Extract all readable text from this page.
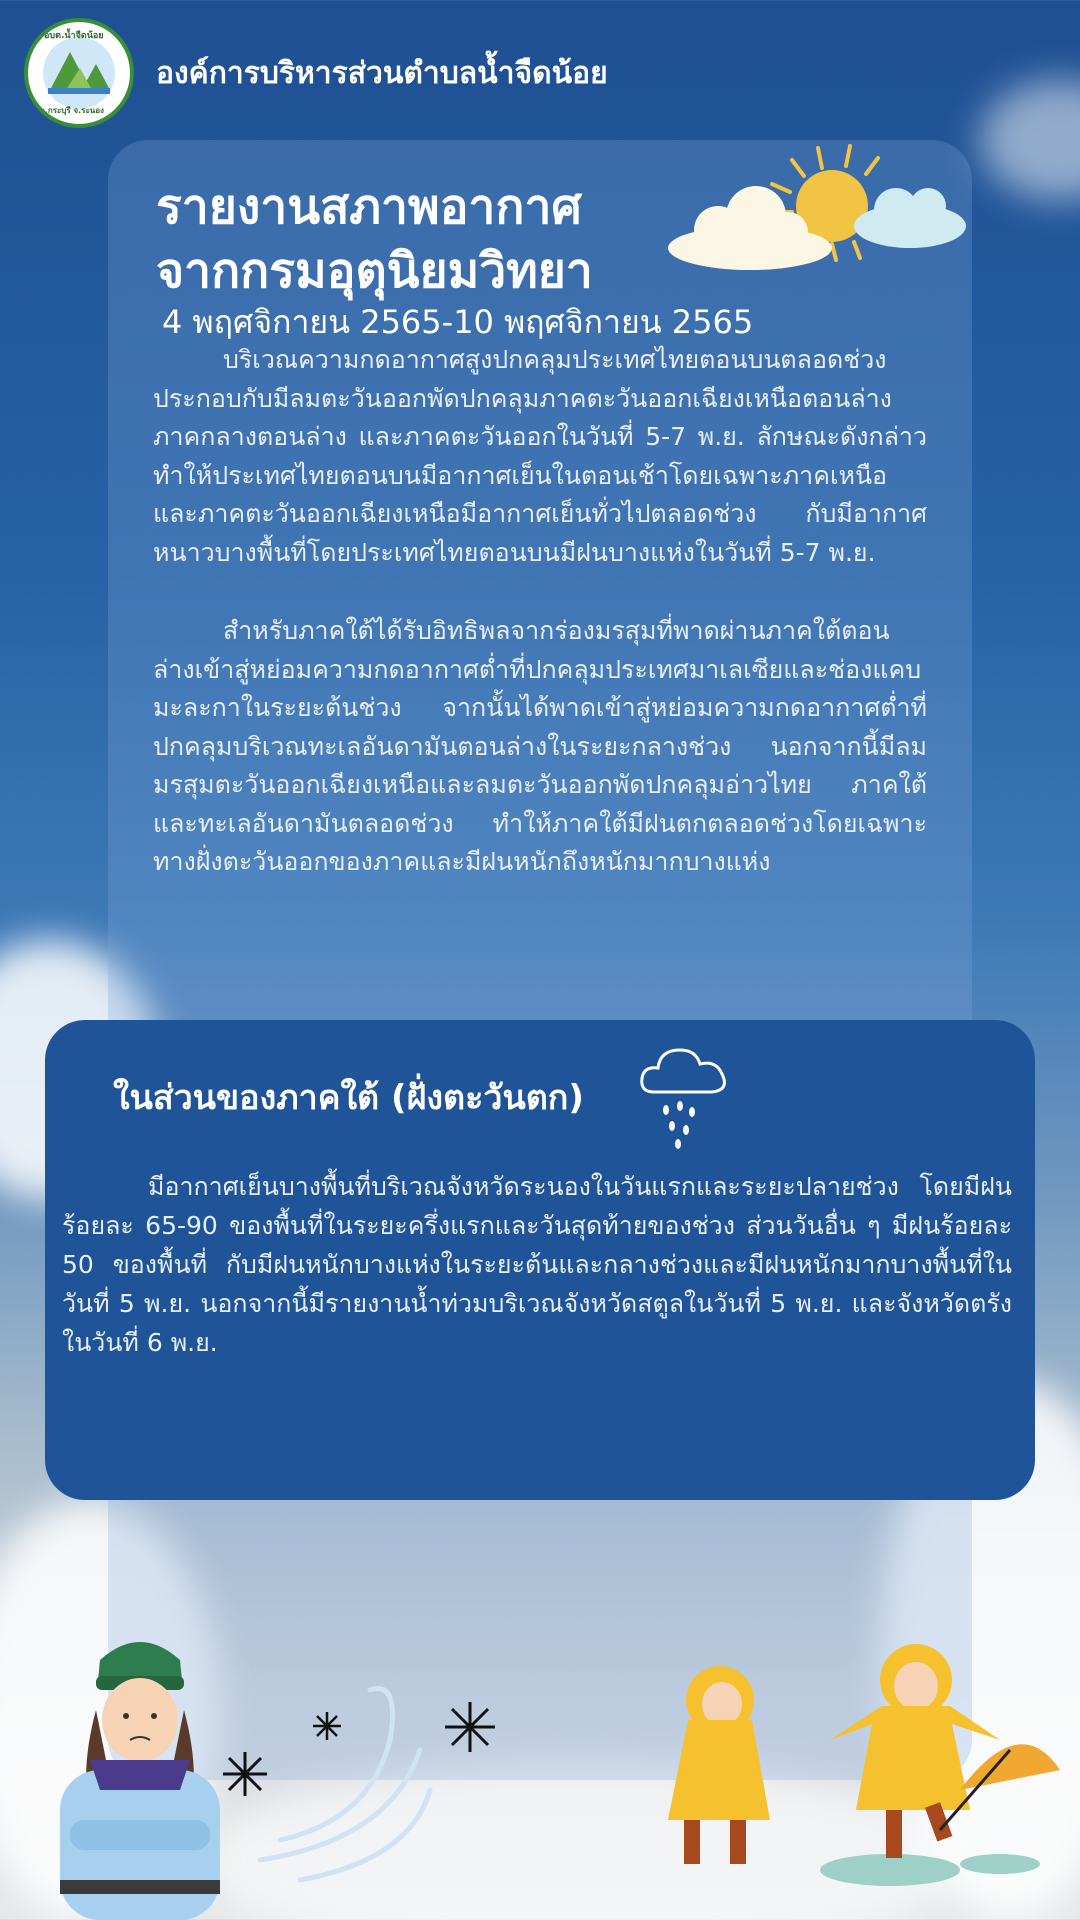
อบต.น้ำจืดน้อย
อ.กระบุรี จ.ระนอง
องค์การบริหารส่วนตำบลน้ำจืดน้อย
รายงานสภาพอากาศ
จากกรมอุตุนิยมวิทยา
4 พฤศจิกายน 2565-10 พฤศจิกายน 2565

บริเวณความกดอากาศสูงปกคลุมประเทศไทยตอนบนตลอดช่วง ประกอบกับมีลมตะวันออกพัดปกคลุมภาคตะวันออกเฉียงเหนือตอนล่าง ภาคกลางตอนล่าง และภาคตะวันออกในวันที่ 5-7 พ.ย. ลักษณะดังกล่าวทำให้ประเทศไทยตอนบนมีอากาศเย็นในตอนเช้าโดยเฉพาะภาคเหนือและภาคตะวันออกเฉียงเหนือมีอากาศเย็นทั่วไปตลอดช่วง กับมีอากาศหนาวบางพื้นที่โดยประเทศไทยตอนบนมีฝนบางแห่งในวันที่ 5-7 พ.ย.

สำหรับภาคใต้ได้รับอิทธิพลจากร่องมรสุมที่พาดผ่านภาคใต้ตอนล่างเข้าสู่หย่อมความกดอากาศต่ำที่ปกคลุมประเทศมาเลเซียและช่องแคบมะละกาในระยะต้นช่วง จากนั้นได้พาดเข้าสู่หย่อมความกดอากาศต่ำที่ปกคลุมบริเวณทะเลอันดามันตอนล่างในระยะกลางช่วง นอกจากนี้มีลมมรสุมตะวันออกเฉียงเหนือและลมตะวันออกพัดปกคลุมอ่าวไทย ภาคใต้ และทะเลอันดามันตลอดช่วง ทำให้ภาคใต้มีฝนตกตลอดช่วงโดยเฉพาะทางฝั่งตะวันออกของภาคและมีฝนหนักถึงหนักมากบางแห่ง

ในส่วนของภาคใต้ (ฝั่งตะวันตก)

มีอากาศเย็นบางพื้นที่บริเวณจังหวัดระนองในวันแรกและระยะปลายช่วง โดยมีฝนร้อยละ 65-90 ของพื้นที่ในระยะครึ่งแรกและวันสุดท้ายของช่วง ส่วนวันอื่น ๆ มีฝนร้อยละ 50 ของพื้นที่ กับมีฝนหนักบางแห่งในระยะต้นและกลางช่วงและมีฝนหนักมากบางพื้นที่ในวันที่ 5 พ.ย. นอกจากนี้มีรายงานน้ำท่วมบริเวณจังหวัดสตูลในวันที่ 5 พ.ย. และจังหวัดตรังในวันที่ 6 พ.ย.
